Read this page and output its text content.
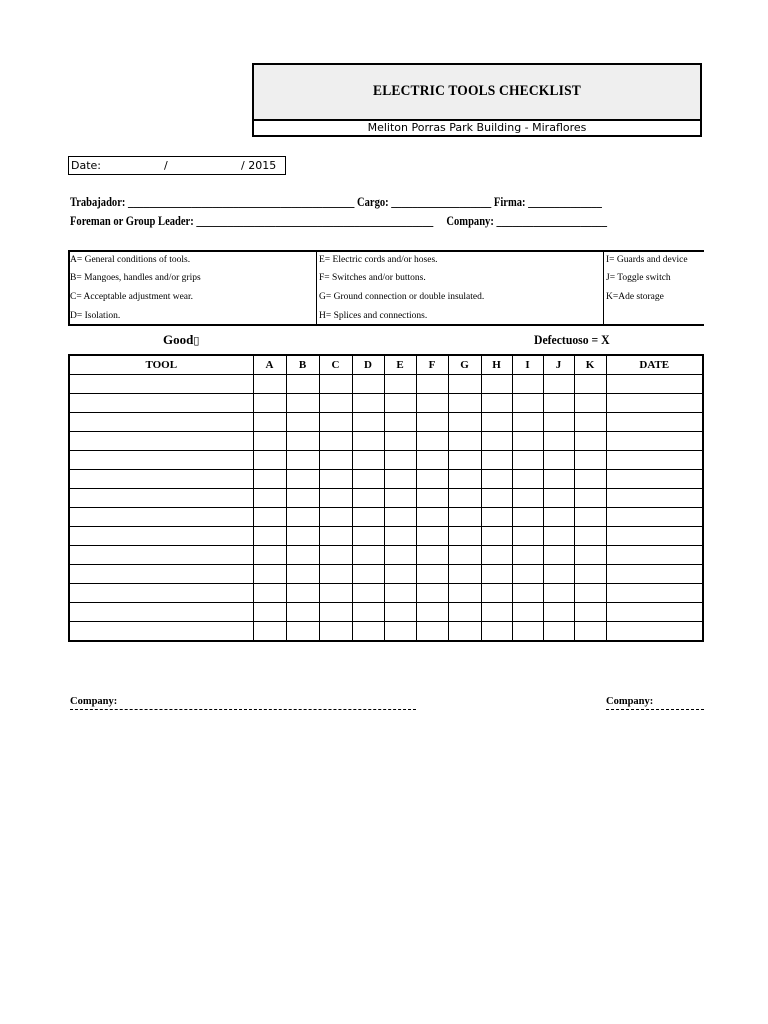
ELECTRIC TOOLS CHECKLIST
Meliton Porras Park Building - Miraflores
Date:	/	/ 2015
Trabajador: ___________________________________________ Cargo: ___________________ Firma: ______________
Foreman or Group Leader: _____________________________________________     Company: _____________________
A= General conditions of tools.
B= Mangoes, handles and/or grips
C= Acceptable adjustment wear.
D= Isolation.
E= Electric cords and/or hoses.
F= Switches and/or buttons.
G= Ground connection or double insulated.
H= Splices and connections.
I= Guards and device
J= Toggle switch
K=Ade storage
Good▯	Defectuoso = X
TOOL	A	B	C	D	E	F	G	H	I	J	K	DATE

Company:	Company:
